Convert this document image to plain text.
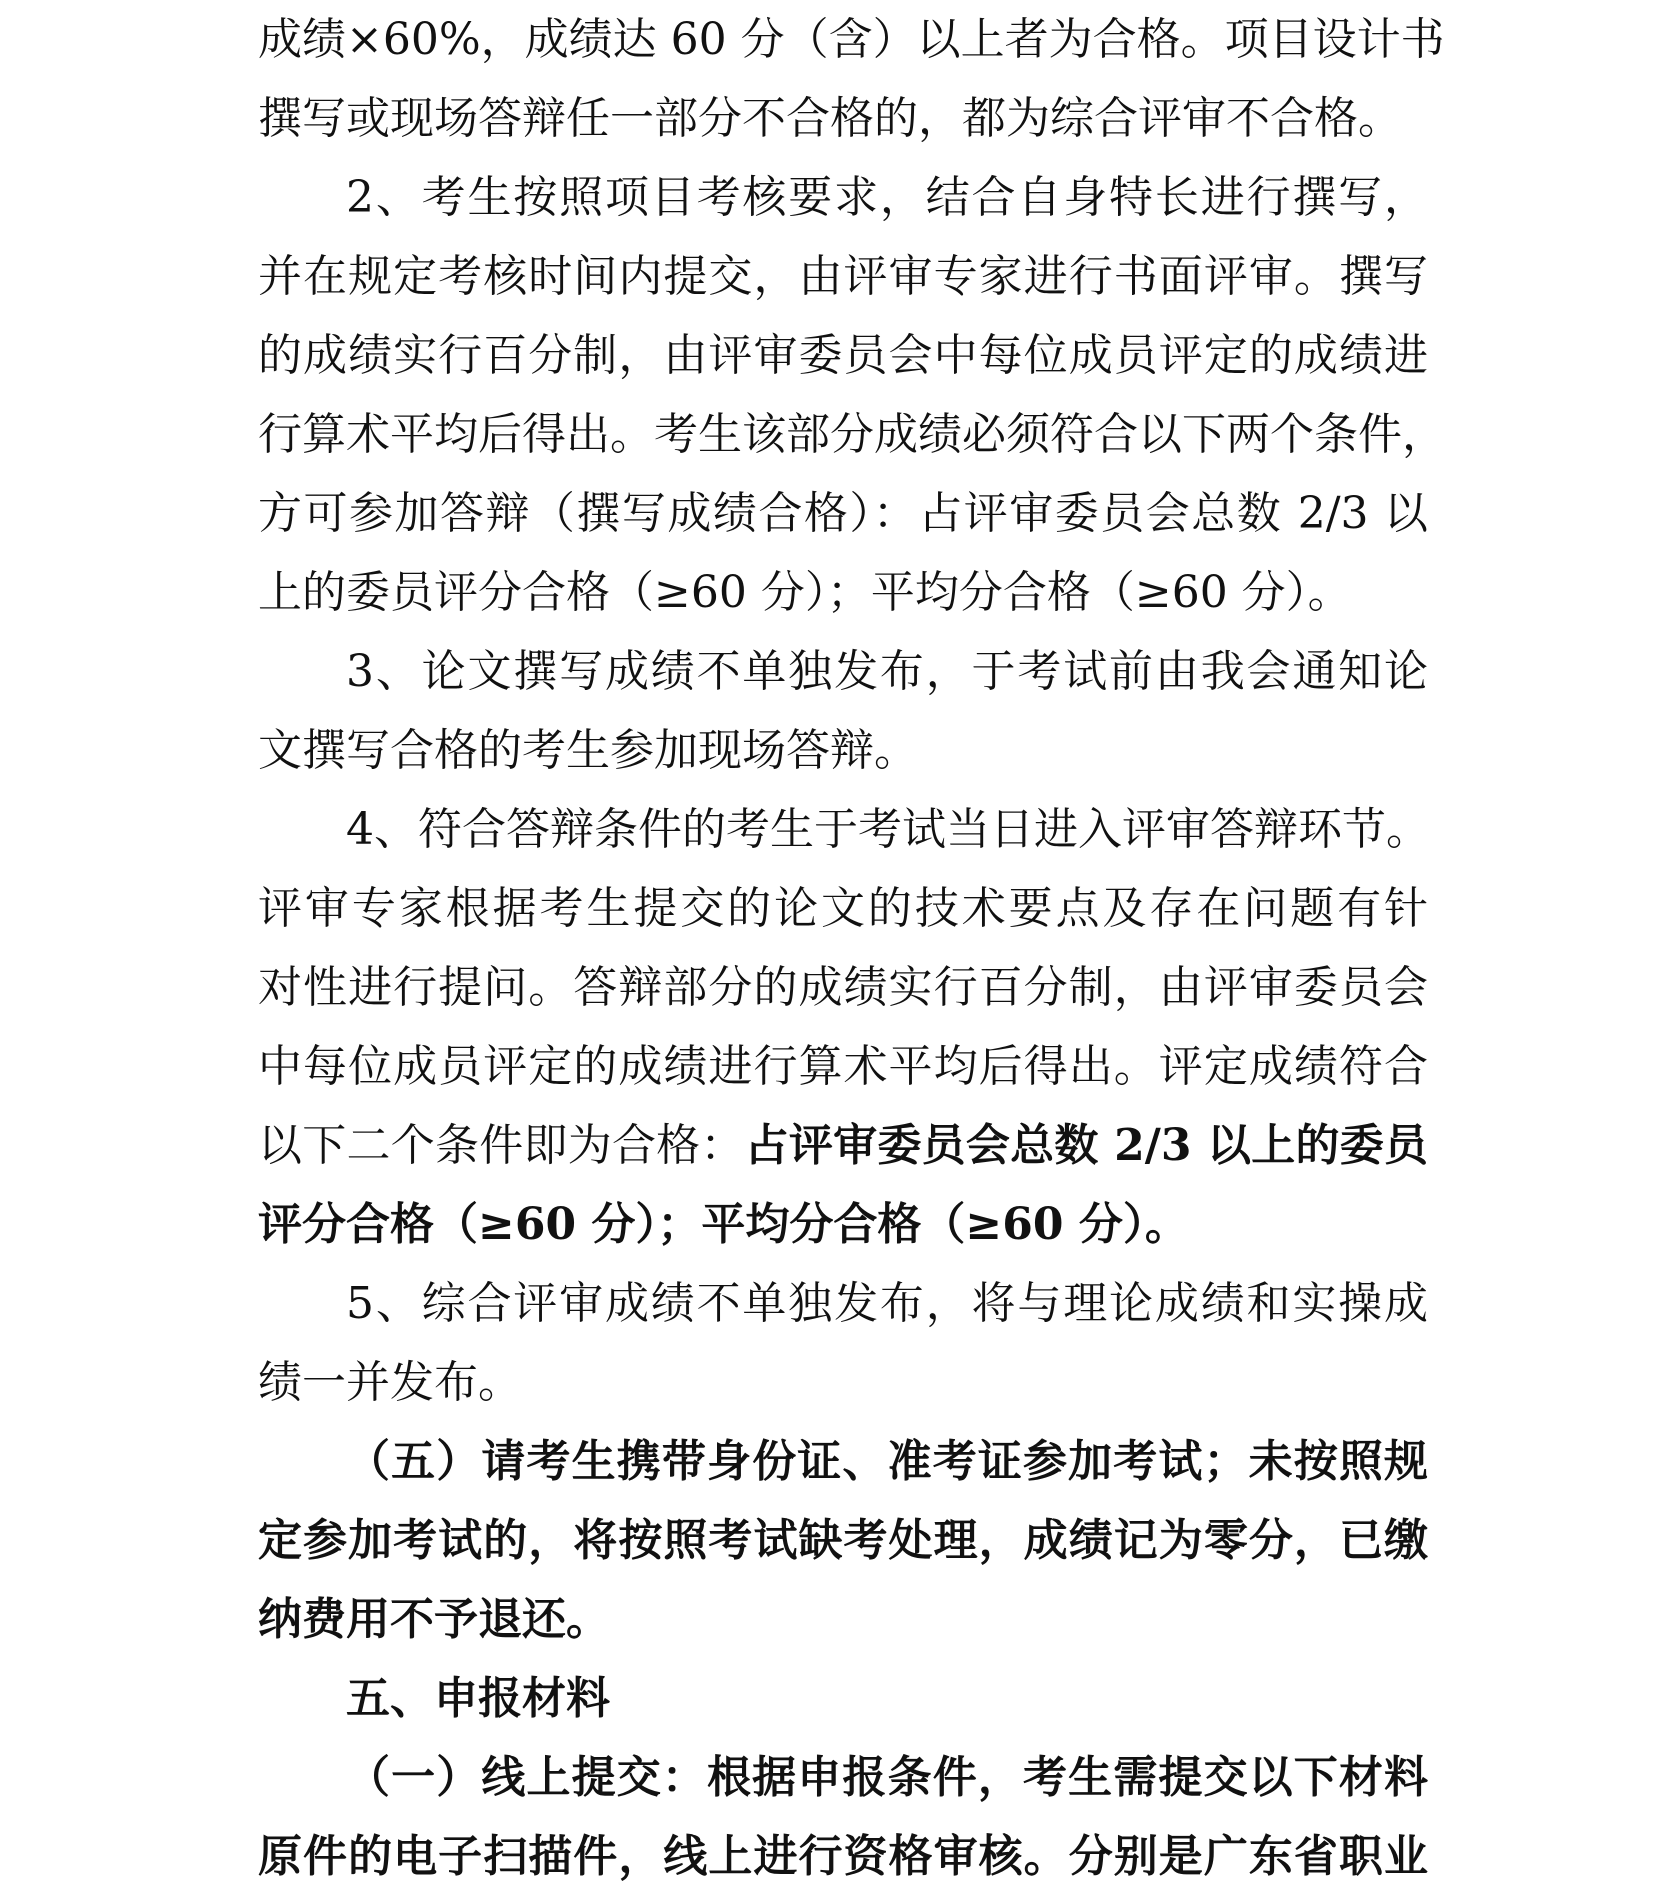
成绩×60%，成绩达 60 分（含）以上者为合格。项目设计书
撰写或现场答辩任一部分不合格的，都为综合评审不合格。
2、考生按照项目考核要求，结合自身特长进行撰写，
并在规定考核时间内提交，由评审专家进行书面评审。撰写
的成绩实行百分制，由评审委员会中每位成员评定的成绩进
行算术平均后得出。考生该部分成绩必须符合以下两个条件，
方可参加答辩（撰写成绩合格）：占评审委员会总数 2/3 以
上的委员评分合格（≥60 分）；平均分合格（≥60 分）。
3、论文撰写成绩不单独发布，于考试前由我会通知论
文撰写合格的考生参加现场答辩。
4、符合答辩条件的考生于考试当日进入评审答辩环节。
评审专家根据考生提交的论文的技术要点及存在问题有针
对性进行提问。答辩部分的成绩实行百分制，由评审委员会
中每位成员评定的成绩进行算术平均后得出。评定成绩符合
以下二个条件即为合格：占评审委员会总数 2/3 以上的委员
评分合格（≥60 分）；平均分合格（≥60 分）。
5、综合评审成绩不单独发布，将与理论成绩和实操成
绩一并发布。
（五）请考生携带身份证、准考证参加考试；未按照规
定参加考试的，将按照考试缺考处理，成绩记为零分，已缴
纳费用不予退还。
五、申报材料
（一）线上提交：根据申报条件，考生需提交以下材料
原件的电子扫描件，线上进行资格审核。分别是广东省职业
